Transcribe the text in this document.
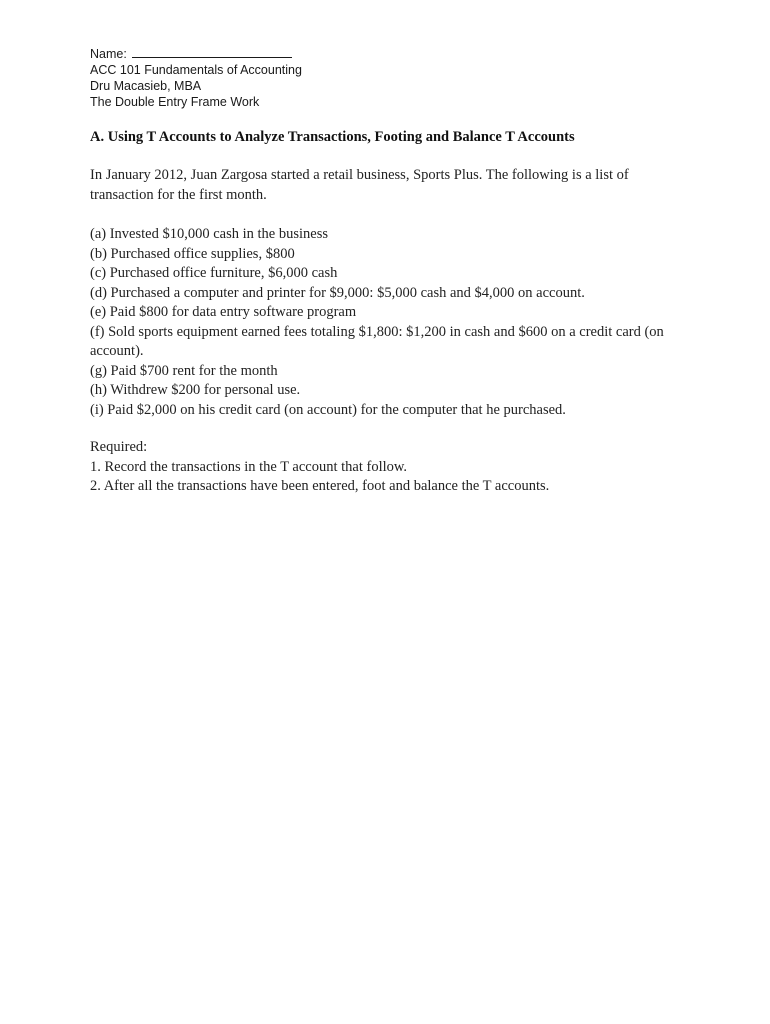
Name:
ACC 101 Fundamentals of Accounting
Dru Macasieb, MBA
The Double Entry Frame Work
A. Using T Accounts to Analyze Transactions, Footing and Balance T Accounts
In January 2012, Juan Zargosa started a retail business, Sports Plus. The following is a list of transaction for the first month.
(a) Invested $10,000 cash in the business
(b) Purchased office supplies, $800
(c) Purchased office furniture, $6,000 cash
(d) Purchased a computer and printer for $9,000: $5,000 cash and $4,000 on account.
(e) Paid $800 for data entry software program
(f) Sold sports equipment earned fees totaling $1,800: $1,200 in cash and $600 on a credit card (on account).
(g) Paid $700 rent for the month
(h) Withdrew $200 for personal use.
(i) Paid $2,000 on his credit card (on account) for the computer that he purchased.
Required:
1. Record the transactions in the T account that follow.
2. After all the transactions have been entered, foot and balance the T accounts.
